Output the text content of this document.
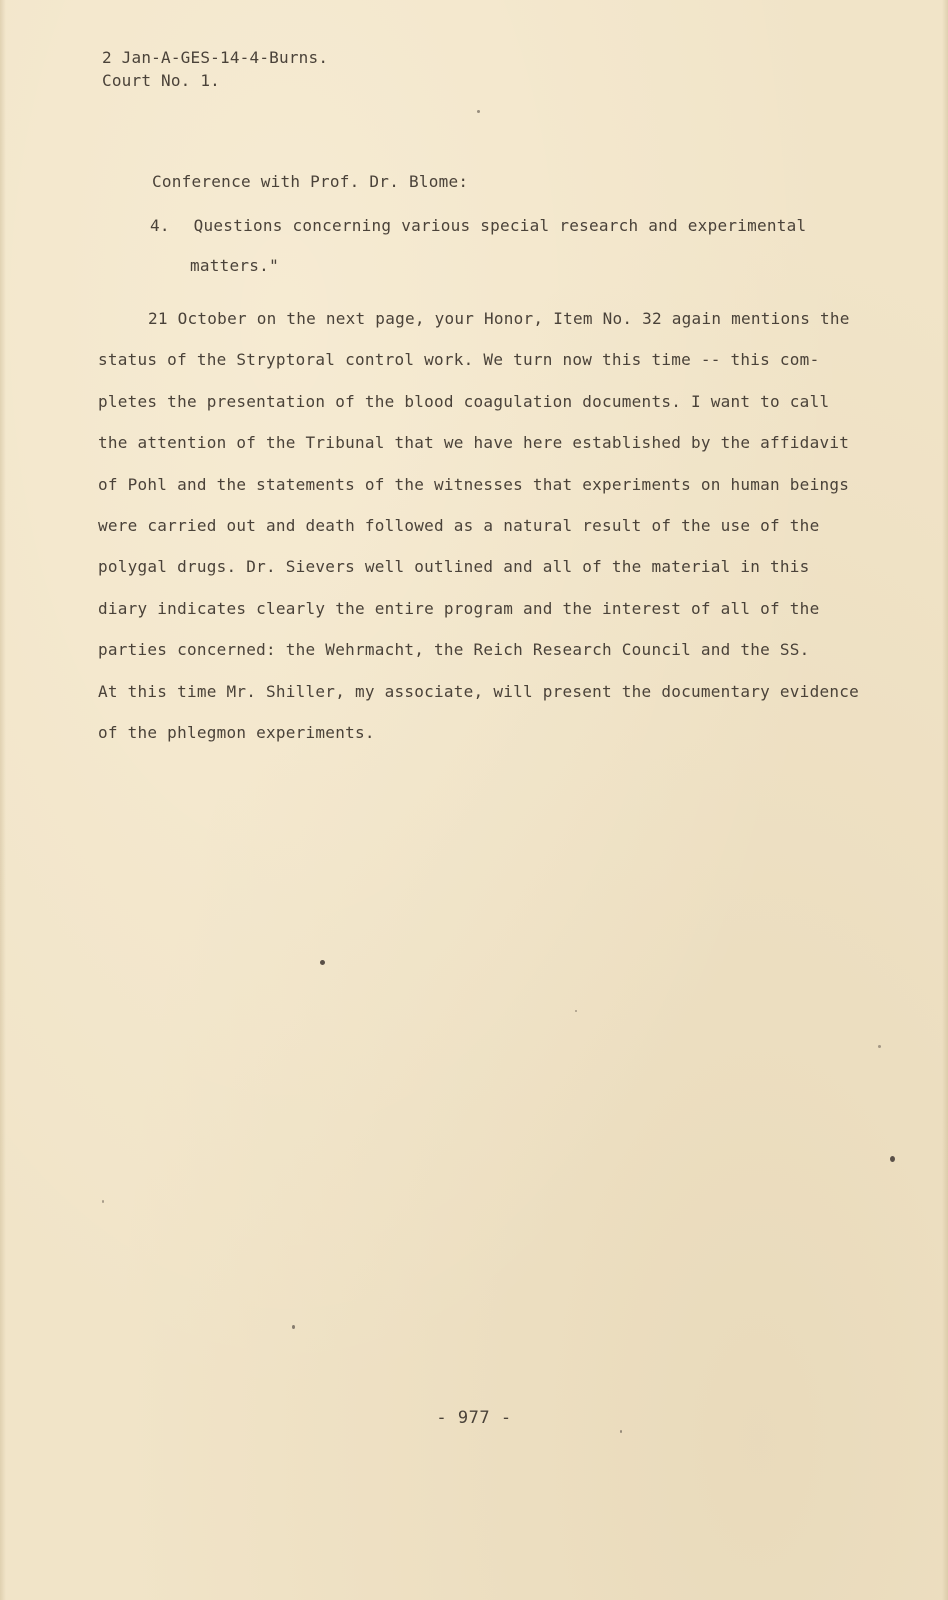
2 Jan-A-GES-14-4-Burns.
Court No. 1.
Conference with Prof. Dr. Blome:
4. Questions concerning various special research and experimental
matters."
21 October on the next page, your Honor, Item No. 32 again mentions the
status of the Stryptoral control work. We turn now this time -- this com-
pletes the presentation of the blood coagulation documents. I want to call
the attention of the Tribunal that we have here established by the affidavit
of Pohl and the statements of the witnesses that experiments on human beings
were carried out and death followed as a natural result of the use of the
polygal drugs. Dr. Sievers well outlined and all of the material in this
diary indicates clearly the entire program and the interest of all of the
parties concerned: the Wehrmacht, the Reich Research Council and the SS.
At this time Mr. Shiller, my associate, will present the documentary evidence
of the phlegmon experiments.
- 977 -
